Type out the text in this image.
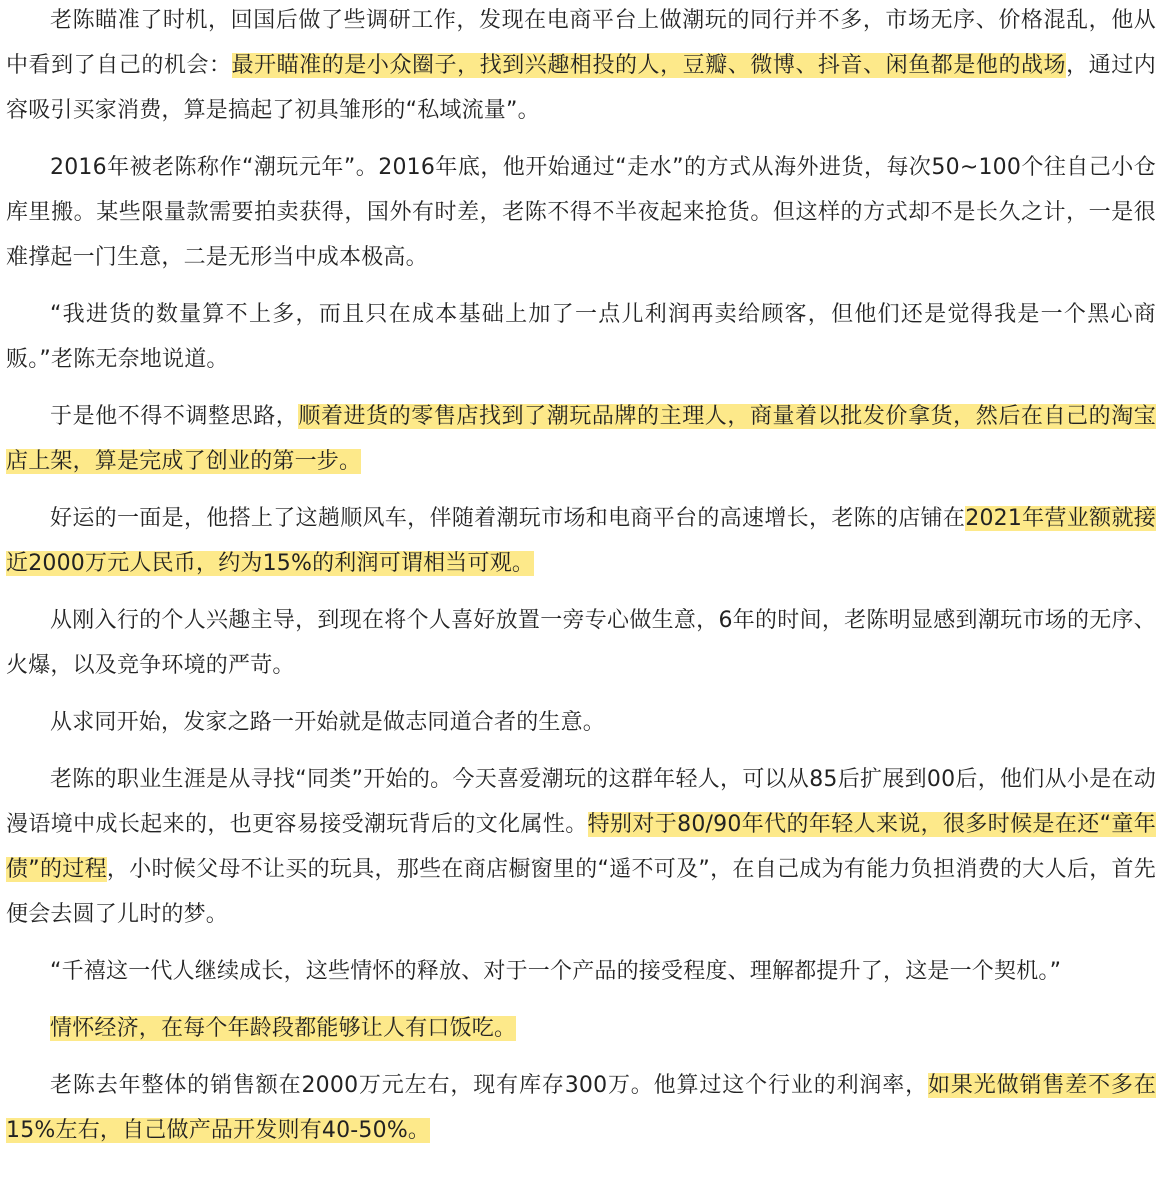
老陈瞄准了时机，回国后做了些调研工作，发现在电商平台上做潮玩的同行并不多，市场无序、价格混乱，他从中看到了自己的机会：最开瞄准的是小众圈子，找到兴趣相投的人，豆瓣、微博、抖音、闲鱼都是他的战场，通过内容吸引买家消费，算是搞起了初具雏形的“私域流量”。

2016年被老陈称作“潮玩元年”。2016年底，他开始通过“走水”的方式从海外进货，每次50~100个往自己小仓库里搬。某些限量款需要拍卖获得，国外有时差，老陈不得不半夜起来抢货。但这样的方式却不是长久之计，一是很难撑起一门生意，二是无形当中成本极高。

“我进货的数量算不上多，而且只在成本基础上加了一点儿利润再卖给顾客，但他们还是觉得我是一个黑心商贩。”老陈无奈地说道。

于是他不得不调整思路，顺着进货的零售店找到了潮玩品牌的主理人，商量着以批发价拿货，然后在自己的淘宝店上架，算是完成了创业的第一步。

好运的一面是，他搭上了这趟顺风车，伴随着潮玩市场和电商平台的高速增长，老陈的店铺在2021年营业额就接近2000万元人民币，约为15%的利润可谓相当可观。

从刚入行的个人兴趣主导，到现在将个人喜好放置一旁专心做生意，6年的时间，老陈明显感到潮玩市场的无序、火爆，以及竞争环境的严苛。

从求同开始，发家之路一开始就是做志同道合者的生意。

老陈的职业生涯是从寻找“同类”开始的。今天喜爱潮玩的这群年轻人，可以从85后扩展到00后，他们从小是在动漫语境中成长起来的，也更容易接受潮玩背后的文化属性。特别对于80/90年代的年轻人来说，很多时候是在还“童年债”的过程，小时候父母不让买的玩具，那些在商店橱窗里的“遥不可及”，在自己成为有能力负担消费的大人后，首先便会去圆了儿时的梦。

“千禧这一代人继续成长，这些情怀的释放、对于一个产品的接受程度、理解都提升了，这是一个契机。”

情怀经济，在每个年龄段都能够让人有口饭吃。

老陈去年整体的销售额在2000万元左右，现有库存300万。他算过这个行业的利润率，如果光做销售差不多在15%左右，自己做产品开发则有40-50%。
